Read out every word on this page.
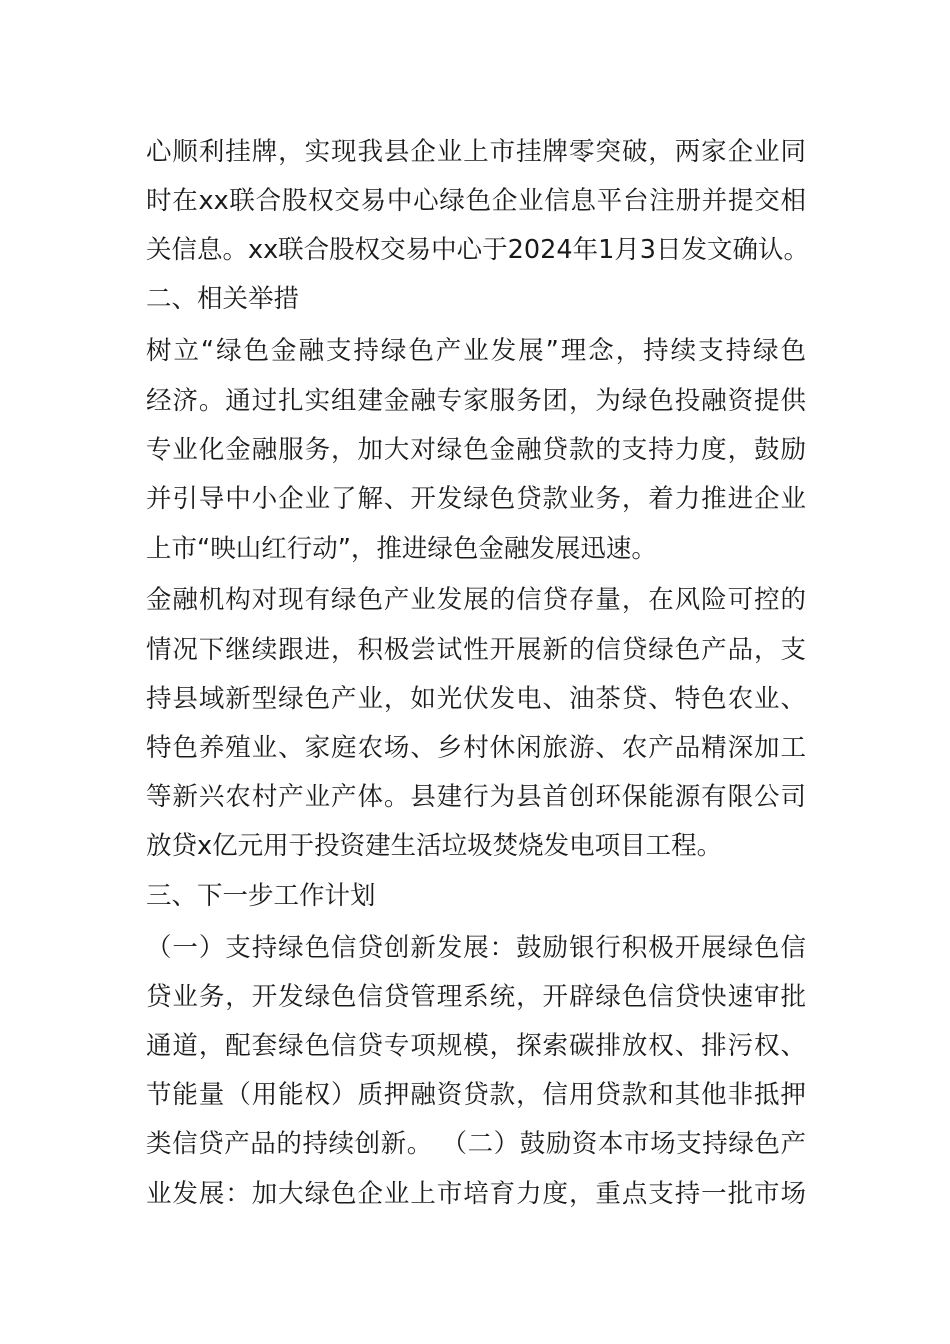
心顺利挂牌，实现我县企业上市挂牌零突破，两家企业同
时在xx联合股权交易中心绿色企业信息平台注册并提交相
关信息。xx联合股权交易中心于2024年1月3日发文确认。
二、相关举措
树立“绿色金融支持绿色产业发展”理念，持续支持绿色
经济。通过扎实组建金融专家服务团，为绿色投融资提供
专业化金融服务，加大对绿色金融贷款的支持力度，鼓励
并引导中小企业了解、开发绿色贷款业务，着力推进企业
上市“映山红行动”，推进绿色金融发展迅速。
金融机构对现有绿色产业发展的信贷存量，在风险可控的
情况下继续跟进，积极尝试性开展新的信贷绿色产品，支
持县域新型绿色产业，如光伏发电、油茶贷、特色农业、
特色养殖业、家庭农场、乡村休闲旅游、农产品精深加工
等新兴农村产业产体。县建行为县首创环保能源有限公司
放贷x亿元用于投资建生活垃圾焚烧发电项目工程。
三、下一步工作计划
（一）支持绿色信贷创新发展：鼓励银行积极开展绿色信
贷业务，开发绿色信贷管理系统，开辟绿色信贷快速审批
通道，配套绿色信贷专项规模，探索碳排放权、排污权、
节能量（用能权）质押融资贷款，信用贷款和其他非抵押
类信贷产品的持续创新。 （二）鼓励资本市场支持绿色产
业发展：加大绿色企业上市培育力度，重点支持一批市场
